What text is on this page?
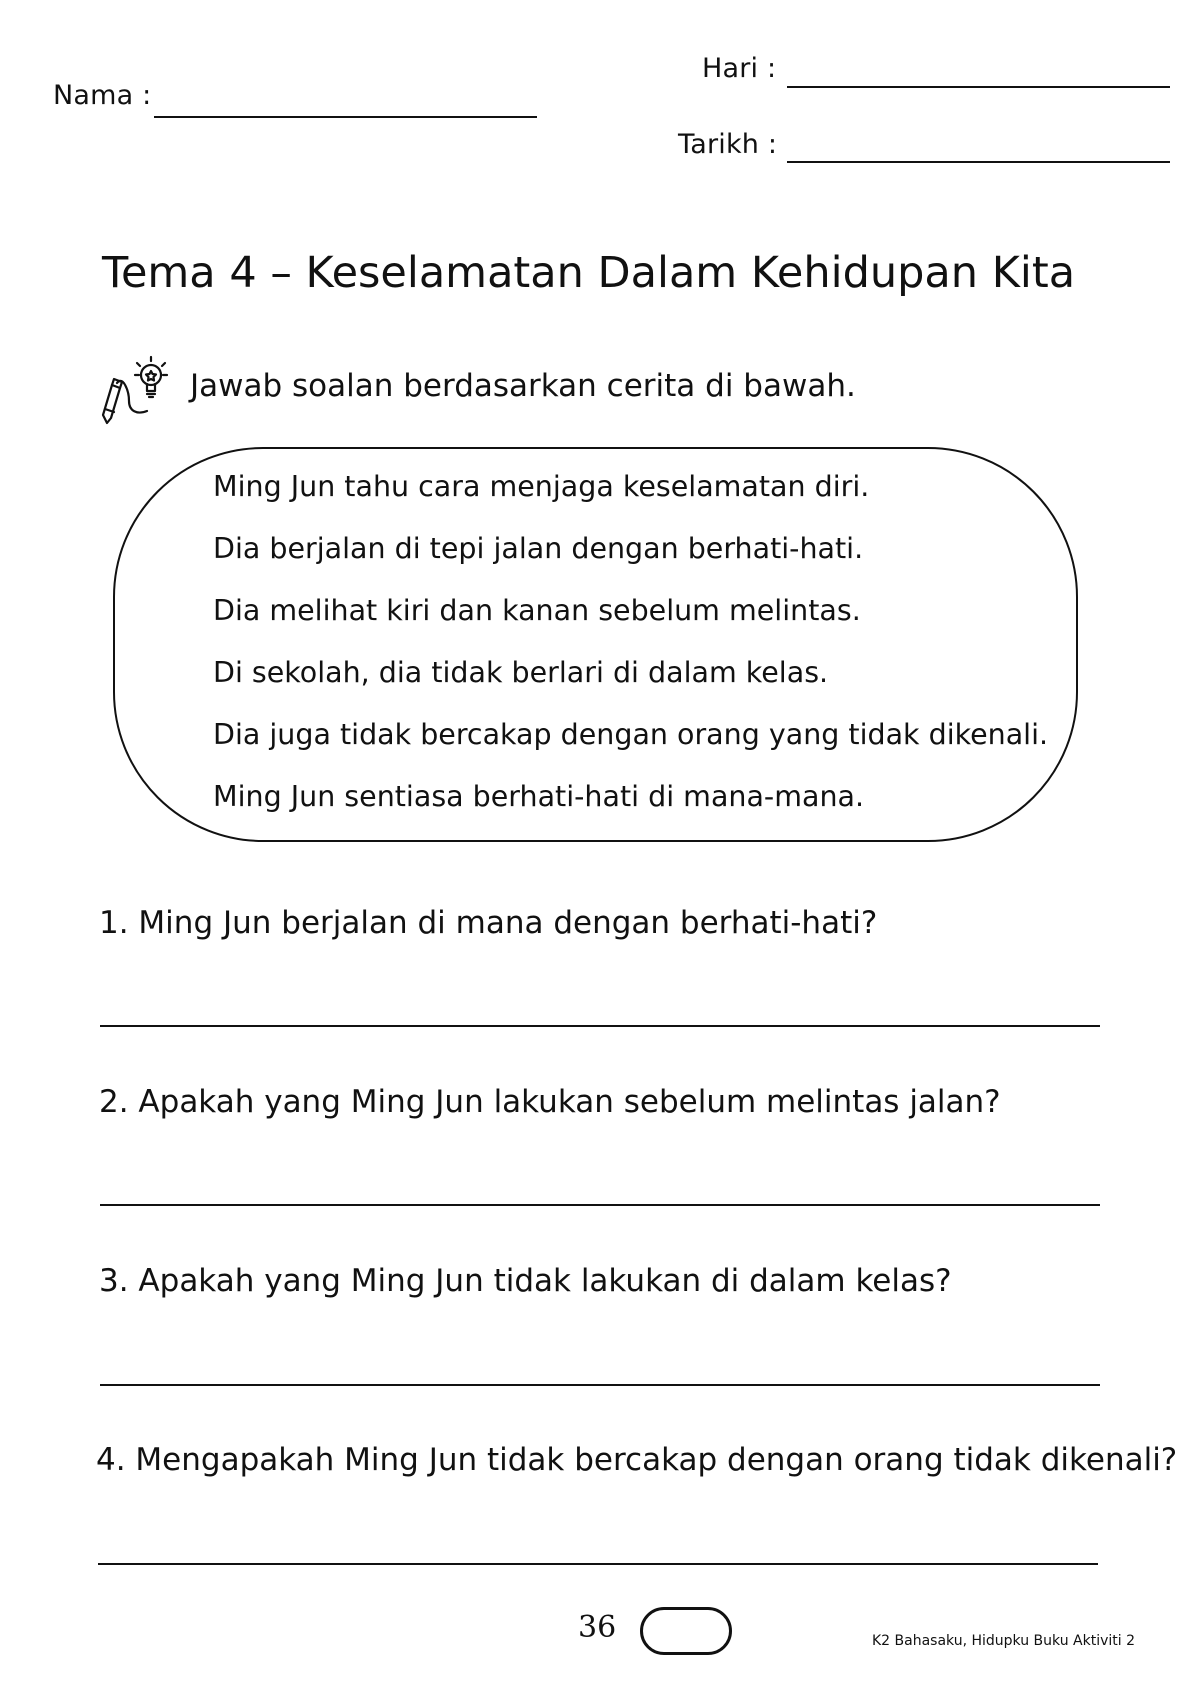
Nama :
Hari :
Tarikh :
Tema 4 – Keselamatan Dalam Kehidupan Kita
Jawab soalan berdasarkan cerita di bawah.
Ming Jun tahu cara menjaga keselamatan diri.
Dia berjalan di tepi jalan dengan berhati-hati.
Dia melihat kiri dan kanan sebelum melintas.
Di sekolah, dia tidak berlari di dalam kelas.
Dia juga tidak bercakap dengan orang yang tidak dikenali.
Ming Jun sentiasa berhati-hati di mana-mana.
1. Ming Jun berjalan di mana dengan berhati-hati?
2. Apakah yang Ming Jun lakukan sebelum melintas jalan?
3. Apakah yang Ming Jun tidak lakukan di dalam kelas?
4. Mengapakah Ming Jun tidak bercakap dengan orang tidak dikenali?
36	K2 Bahasaku, Hidupku Buku Aktiviti 2
